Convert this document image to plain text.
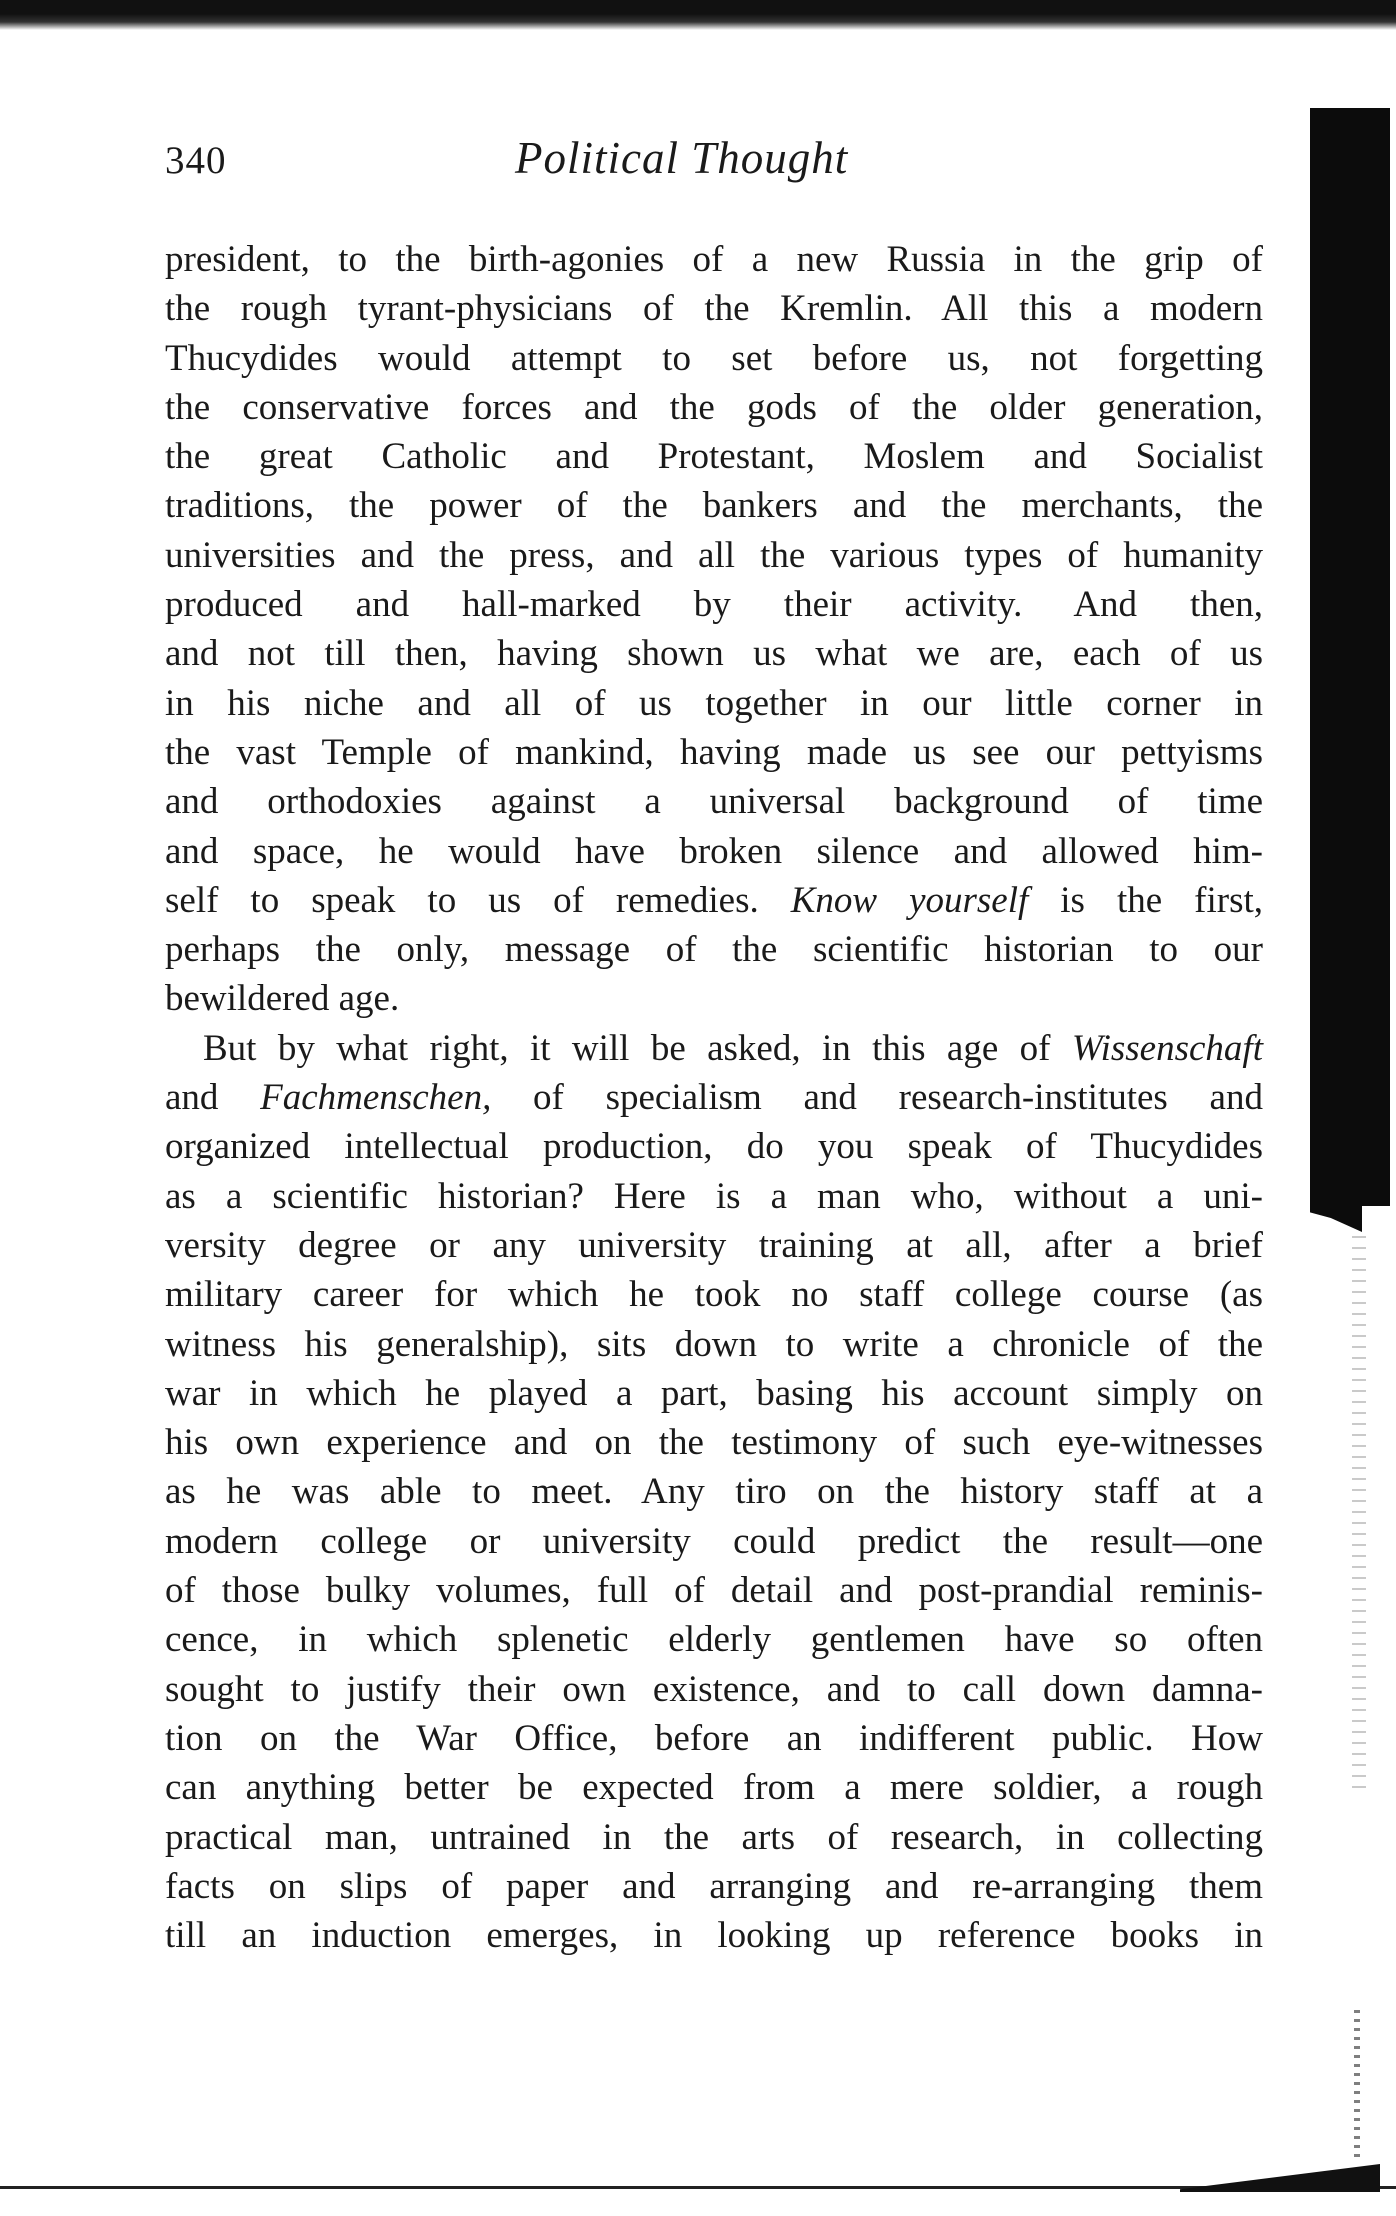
340	Political Thought
president, to the birth-agonies of a new Russia in the grip of
the rough tyrant-physicians of the Kremlin. All this a modern
Thucydides would attempt to set before us, not forgetting
the conservative forces and the gods of the older generation,
the great Catholic and Protestant, Moslem and Socialist
traditions, the power of the bankers and the merchants, the
universities and the press, and all the various types of humanity
produced and hall-marked by their activity. And then,
and not till then, having shown us what we are, each of us
in his niche and all of us together in our little corner in
the vast Temple of mankind, having made us see our pettyisms
and orthodoxies against a universal background of time
and space, he would have broken silence and allowed him-
self to speak to us of remedies. Know yourself is the first,
perhaps the only, message of the scientific historian to our
bewildered age.
But by what right, it will be asked, in this age of Wissenschaft
and Fachmenschen, of specialism and research-institutes and
organized intellectual production, do you speak of Thucydides
as a scientific historian? Here is a man who, without a uni-
versity degree or any university training at all, after a brief
military career for which he took no staff college course (as
witness his generalship), sits down to write a chronicle of the
war in which he played a part, basing his account simply on
his own experience and on the testimony of such eye-witnesses
as he was able to meet. Any tiro on the history staff at a
modern college or university could predict the result—one
of those bulky volumes, full of detail and post-prandial reminis-
cence, in which splenetic elderly gentlemen have so often
sought to justify their own existence, and to call down damna-
tion on the War Office, before an indifferent public. How
can anything better be expected from a mere soldier, a rough
practical man, untrained in the arts of research, in collecting
facts on slips of paper and arranging and re-arranging them
till an induction emerges, in looking up reference books in
